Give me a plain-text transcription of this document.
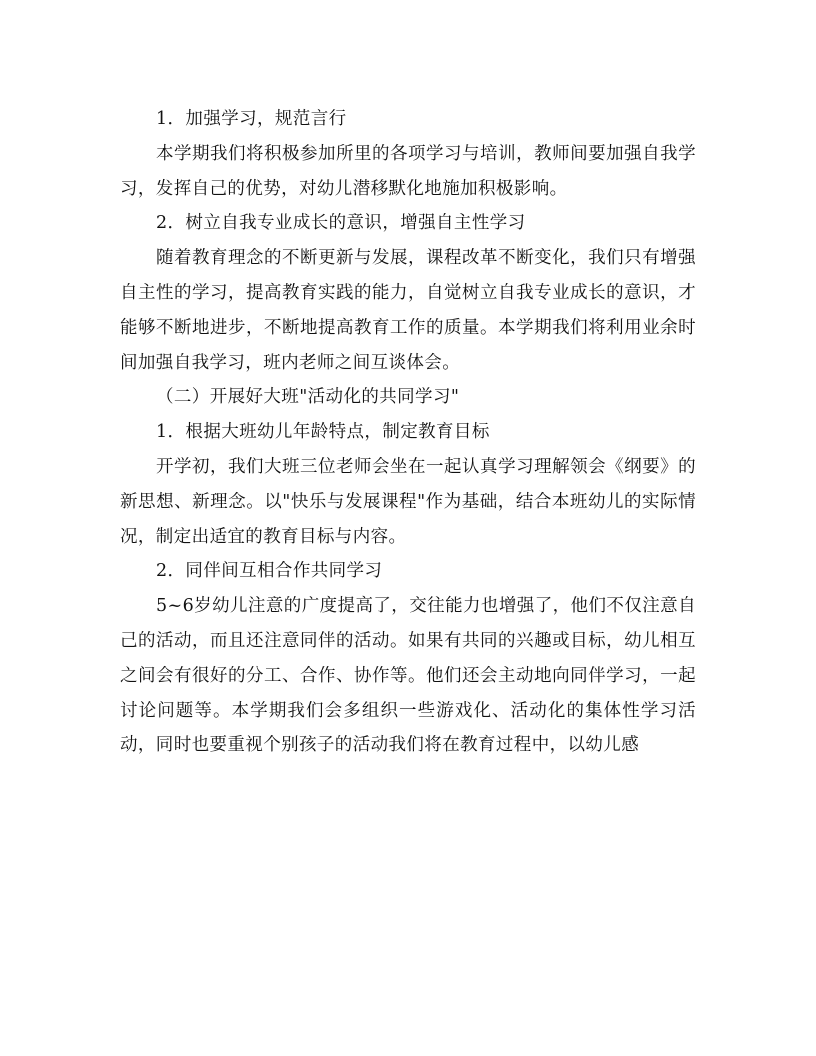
1．加强学习，规范言行

本学期我们将积极参加所里的各项学习与培训，教师间要加强自我学习，发挥自己的优势，对幼儿潜移默化地施加积极影响。

2．树立自我专业成长的意识，增强自主性学习

随着教育理念的不断更新与发展，课程改革不断变化，我们只有增强自主性的学习，提高教育实践的能力，自觉树立自我专业成长的意识，才能够不断地进步，不断地提高教育工作的质量。本学期我们将利用业余时间加强自我学习，班内老师之间互谈体会。

（二）开展好大班"活动化的共同学习"

1．根据大班幼儿年龄特点，制定教育目标

开学初，我们大班三位老师会坐在一起认真学习理解领会《纲要》的新思想、新理念。以"快乐与发展课程"作为基础，结合本班幼儿的实际情况，制定出适宜的教育目标与内容。

2．同伴间互相合作共同学习

5~6岁幼儿注意的广度提高了，交往能力也增强了，他们不仅注意自己的活动，而且还注意同伴的活动。如果有共同的兴趣或目标，幼儿相互之间会有很好的分工、合作、协作等。他们还会主动地向同伴学习，一起讨论问题等。本学期我们会多组织一些游戏化、活动化的集体性学习活动，同时也要重视个别孩子的活动我们将在教育过程中，以幼儿感
